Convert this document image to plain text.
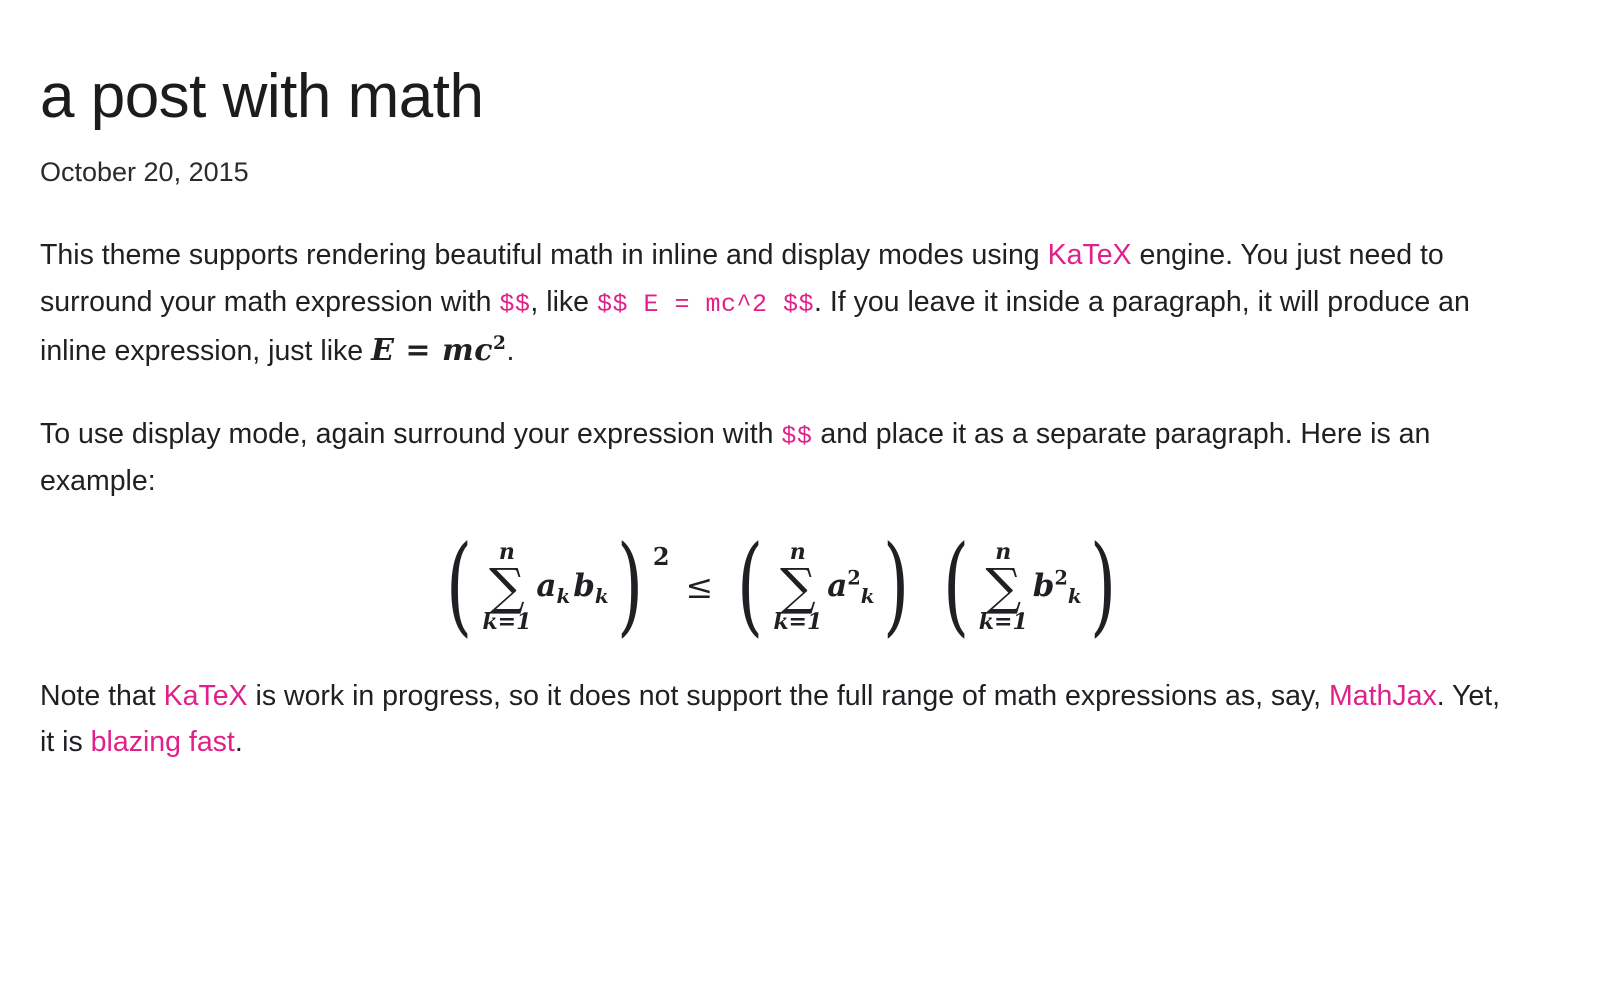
a post with math
October 20, 2015

This theme supports rendering beautiful math in inline and display modes using KaTeX engine. You just need to surround your math expression with $$, like $$ E = mc^2 $$. If you leave it inside a paragraph, it will produce an inline expression, just like $E = mc^2$.

To use display mode, again surround your expression with $$ and place it as a separate paragraph. Here is an example:

( n
∑
k=1
$a_k$ $b_k$ ) 2
≤ ( n
∑
k=1
$a^2_k$ ) ( n
∑
k=1
$b^2_k$ )

Note that KaTeX is work in progress, so it does not support the full range of math expressions as, say, MathJax. Yet, it is blazing fast.
